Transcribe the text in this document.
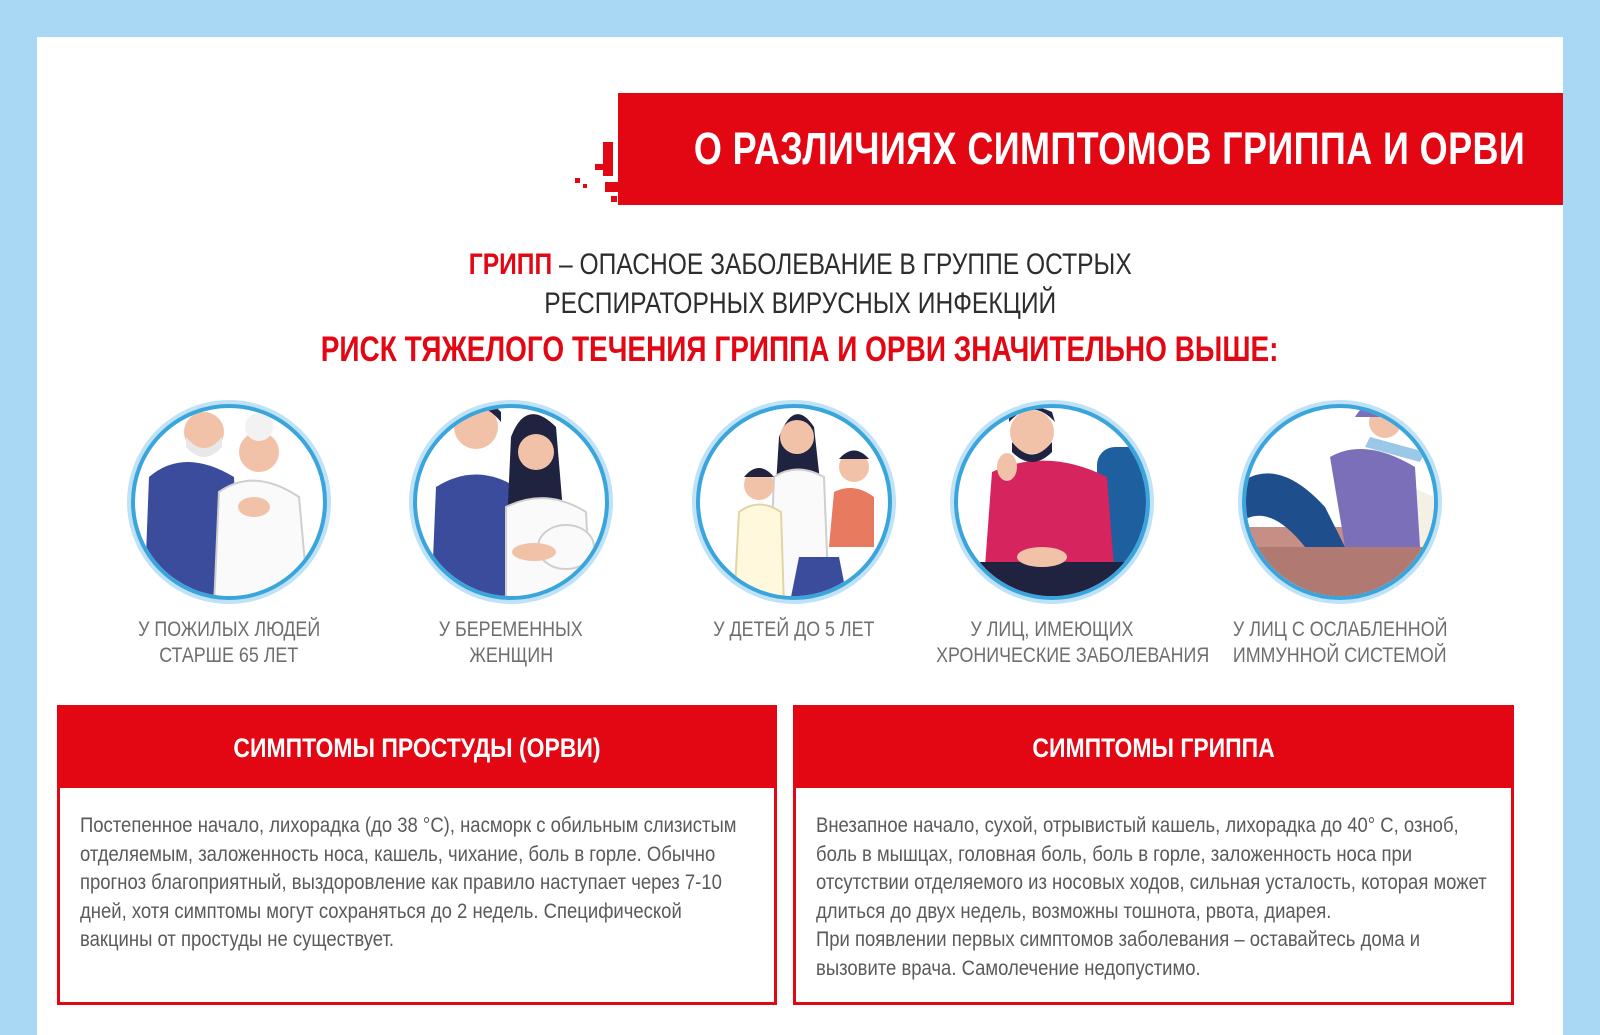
О РАЗЛИЧИЯХ СИМПТОМОВ ГРИППА И ОРВИ
ГРИПП – ОПАСНОЕ ЗАБОЛЕВАНИЕ В ГРУППЕ ОСТРЫХ
РЕСПИРАТОРНЫХ ВИРУСНЫХ ИНФЕКЦИЙ
РИСК ТЯЖЕЛОГО ТЕЧЕНИЯ ГРИППА И ОРВИ ЗНАЧИТЕЛЬНО ВЫШЕ:
У ПОЖИЛЫХ ЛЮДЕЙ
СТАРШЕ 65 ЛЕТ
У БЕРЕМЕННЫХ
ЖЕНЩИН
У ДЕТЕЙ ДО 5 ЛЕТ	У ЛИЦ, ИМЕЮЩИХ
ХРОНИЧЕСКИЕ ЗАБОЛЕВАНИЯ
У ЛИЦ С ОСЛАБЛЕННОЙ
ИММУННОЙ СИСТЕМОЙ
СИМПТОМЫ ПРОСТУДЫ (ОРВИ)

Постепенное начало, лихорадка (до 38 °С), насморк с обильным слизистым отделяемым, заложенность носа, кашель, чихание, боль в горле. Обычно прогноз благоприятный, выздоровление как правило наступает через 7-10 дней, хотя симптомы могут сохраняться до 2 недель. Специфической вакцины от простуды не существует.

СИМПТОМЫ ГРИППА

Внезапное начало, сухой, отрывистый кашель, лихорадка до 40° С, озноб, боль в мышцах, головная боль, боль в горле, заложенность носа при отсутствии отделяемого из носовых ходов, сильная усталость, которая может длиться до двух недель, возможны тошнота, рвота, диарея.

При появлении первых симптомов заболевания – оставайтесь дома и вызовите врача. Самолечение недопустимо.
